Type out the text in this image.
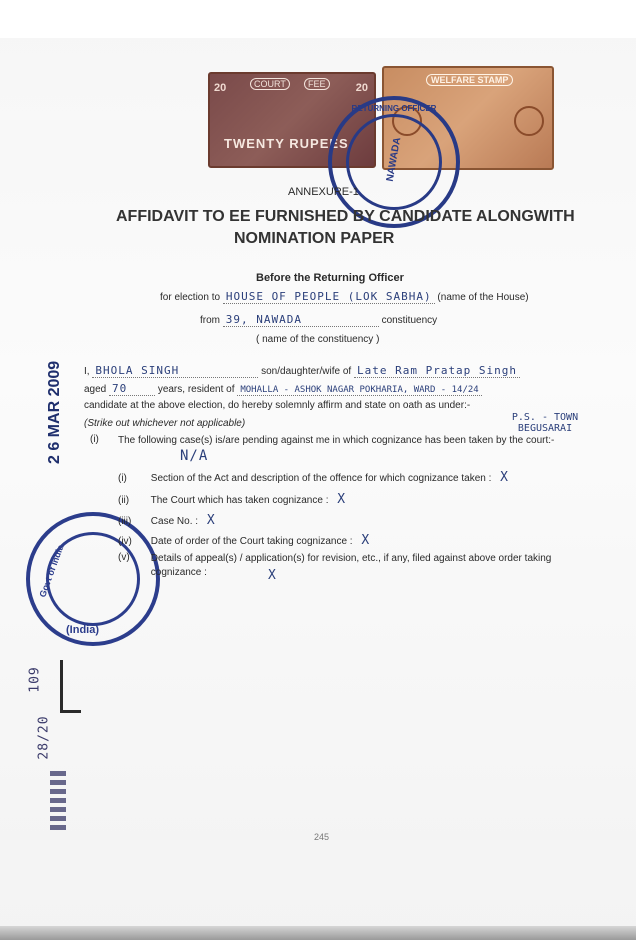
20	COURT	FEE	20
TWENTY RUPEES
WELFARE STAMP
RETURNING OFFICER
NAWADA
Govt of India
(India)
ANNEXURE-1
AFFIDAVIT TO EE FURNISHED BY CANDIDATE ALONGWITH
NOMINATION PAPER
Before the Returning Officer
for election to HOUSE OF PEOPLE (LOK SABHA) (name of the House)
from 39, NAWADA	constituency
( name of the constituency )
2 6 MAR 2009 I, BHOLA SINGH	son/daughter/wife of Late Ram Pratap Singh
aged 70	years, resident of MOHALLA - ASHOK NAGAR POKHARIA, WARD - 14/24
candidate at the above election, do hereby solemnly affirm and state on oath as under:-
P.S. - TOWN BEGUSARAI
(Strike out whichever not applicable)
(i) The following case(s) is/are pending against me in which cognizance has been taken by the court:-
N/A
(i) Section of the Act and description of the offence for which cognizance taken : X
(ii) The Court which has taken cognizance : X
(iii) Case No. : X
(iv) Date of order of the Court taking cognizance : X
(v) Details of appeal(s) / application(s) for revision, etc., if any, filed against above order taking cognizance :	X
109
28/20
245
